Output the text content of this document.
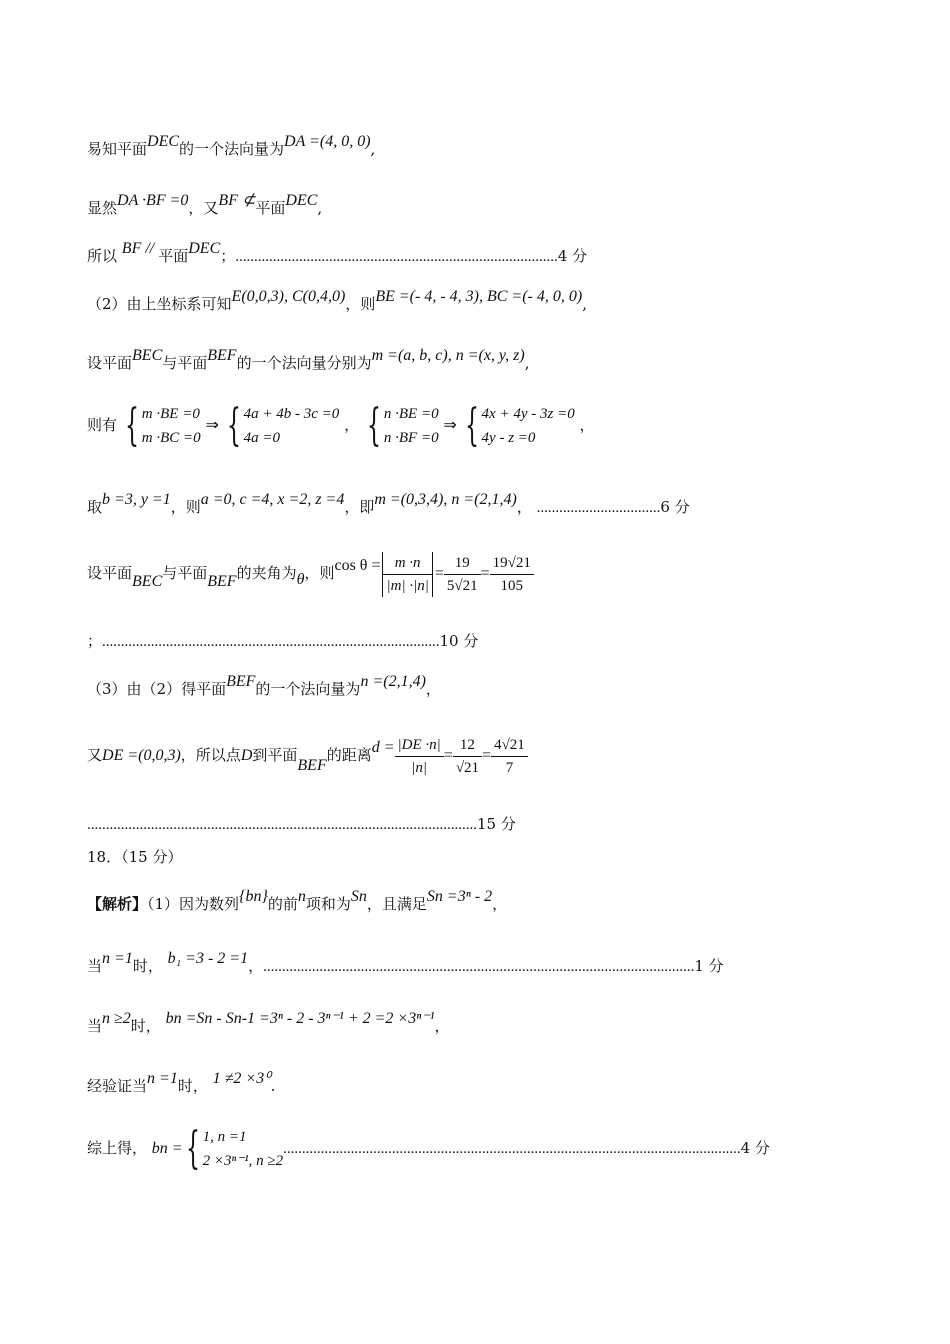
易知平面DEC的一个法向量为DA =(4, 0, 0),
显然DA ·BF =0，又BF ⊄平面DEC,
所以 BF // 平面DEC；......................................................................................4 分
（2）由上坐标系可知E(0,0,3), C(0,4,0)，则BE =(- 4, - 4, 3), BC =(- 4, 0, 0),
设平面BEC与平面BEF的一个法向量分别为m =(a, b, c), n =(x, y, z),
则有 { m ·BE =0
m ·BC =0
⇒ { 4a + 4b - 3c =0
4a =0
， { n ·BE =0
n ·BF =0
⇒ { 4x + 4y - 3z =0
4y - z =0
，
取b =3, y =1，则a =0, c =4, x =2, z =4，即m =(0,3,4), n =(2,1,4)， .................................6 分
设平面BEC与平面BEF的夹角为θ，则$\cos \theta = \frac{m \cdot n}{|m| \cdot|n|} = \frac{19}{5√21} = \frac{19√21}{105}$
；..........................................................................................10 分
（3）由（2）得平面BEF的一个法向量为n =(2,1,4)，
又DE =(0,0,3)，所以点D到平面BEF的距离$d = \frac{|DE \cdot n|}{|n|} = \frac{12}{√21} = \frac{4√21}{7}$
........................................................................................................15 分
18．（15 分）
【解析】（1）因为数列{bn}的前n项和为Sn，且满足Sn =3ⁿ - 2，
当n =1时， b₁ =3 - 2 =1，...................................................................................................................1 分
当n ≥2时， bn =Sn - Sn-1 =3ⁿ - 2 - 3ⁿ⁻¹ + 2 =2 ×3ⁿ⁻¹，
经验证当n =1时， 1 ≠2 ×3⁰.
综上得， bn ={ 1, n =1
2 ×3ⁿ⁻¹, n ≥2
..........................................................................................................................4 分
